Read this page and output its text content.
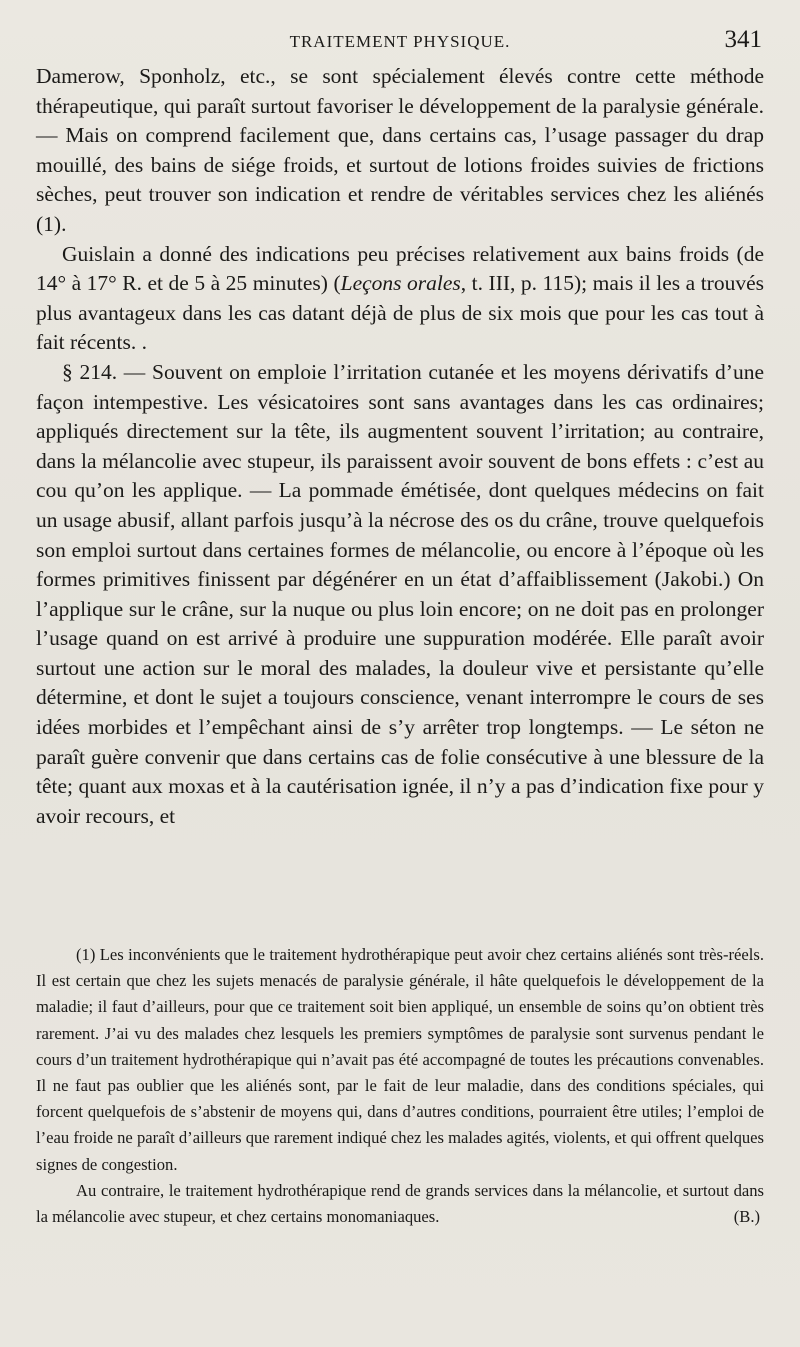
TRAITEMENT PHYSIQUE.	341

Damerow, Sponholz, etc., se sont spécialement élevés contre cette méthode thérapeutique, qui paraît surtout favoriser le développement de la paralysie générale. — Mais on comprend facilement que, dans certains cas, l’usage passager du drap mouillé, des bains de siége froids, et surtout de lotions froides suivies de frictions sèches, peut trouver son indication et rendre de véritables services chez les aliénés (1).

Guislain a donné des indications peu précises relativement aux bains froids (de 14° à 17° R. et de 5 à 25 minutes) (Leçons orales, t. III, p. 115); mais il les a trouvés plus avantageux dans les cas datant déjà de plus de six mois que pour les cas tout à fait récents. .

§ 214. — Souvent on emploie l’irritation cutanée et les moyens dérivatifs d’une façon intempestive. Les vésicatoires sont sans avantages dans les cas ordinaires; appliqués directement sur la tête, ils augmentent souvent l’irritation; au contraire, dans la mélancolie avec stupeur, ils paraissent avoir souvent de bons effets : c’est au cou qu’on les applique. — La pommade émétisée, dont quelques médecins on fait un usage abusif, allant parfois jusqu’à la nécrose des os du crâne, trouve quelquefois son emploi surtout dans certaines formes de mélancolie, ou encore à l’époque où les formes primitives finissent par dégénérer en un état d’affaiblissement (Jakobi.) On l’applique sur le crâne, sur la nuque ou plus loin encore; on ne doit pas en prolonger l’usage quand on est arrivé à produire une suppuration modérée. Elle paraît avoir surtout une action sur le moral des malades, la douleur vive et persistante qu’elle détermine, et dont le sujet a toujours conscience, venant interrompre le cours de ses idées morbides et l’empêchant ainsi de s’y arrêter trop longtemps. — Le séton ne paraît guère convenir que dans certains cas de folie consécutive à une blessure de la tête; quant aux moxas et à la cautérisation ignée, il n’y a pas d’indication fixe pour y avoir recours, et

(1) Les inconvénients que le traitement hydrothérapique peut avoir chez certains aliénés sont très-réels. Il est certain que chez les sujets menacés de paralysie générale, il hâte quelquefois le développement de la maladie; il faut d’ailleurs, pour que ce traitement soit bien appliqué, un ensemble de soins qu’on obtient très rarement. J’ai vu des malades chez lesquels les premiers symptômes de paralysie sont survenus pendant le cours d’un traitement hydrothérapique qui n’avait pas été accompagné de toutes les précautions convenables. Il ne faut pas oublier que les aliénés sont, par le fait de leur maladie, dans des conditions spéciales, qui forcent quelquefois de s’abstenir de moyens qui, dans d’autres conditions, pourraient être utiles; l’emploi de l’eau froide ne paraît d’ailleurs que rarement indiqué chez les malades agités, violents, et qui offrent quelques signes de congestion.

Au contraire, le traitement hydrothérapique rend de grands services dans la mélancolie, et surtout dans la mélancolie avec stupeur, et chez certains monomaniaques.	(B.)
